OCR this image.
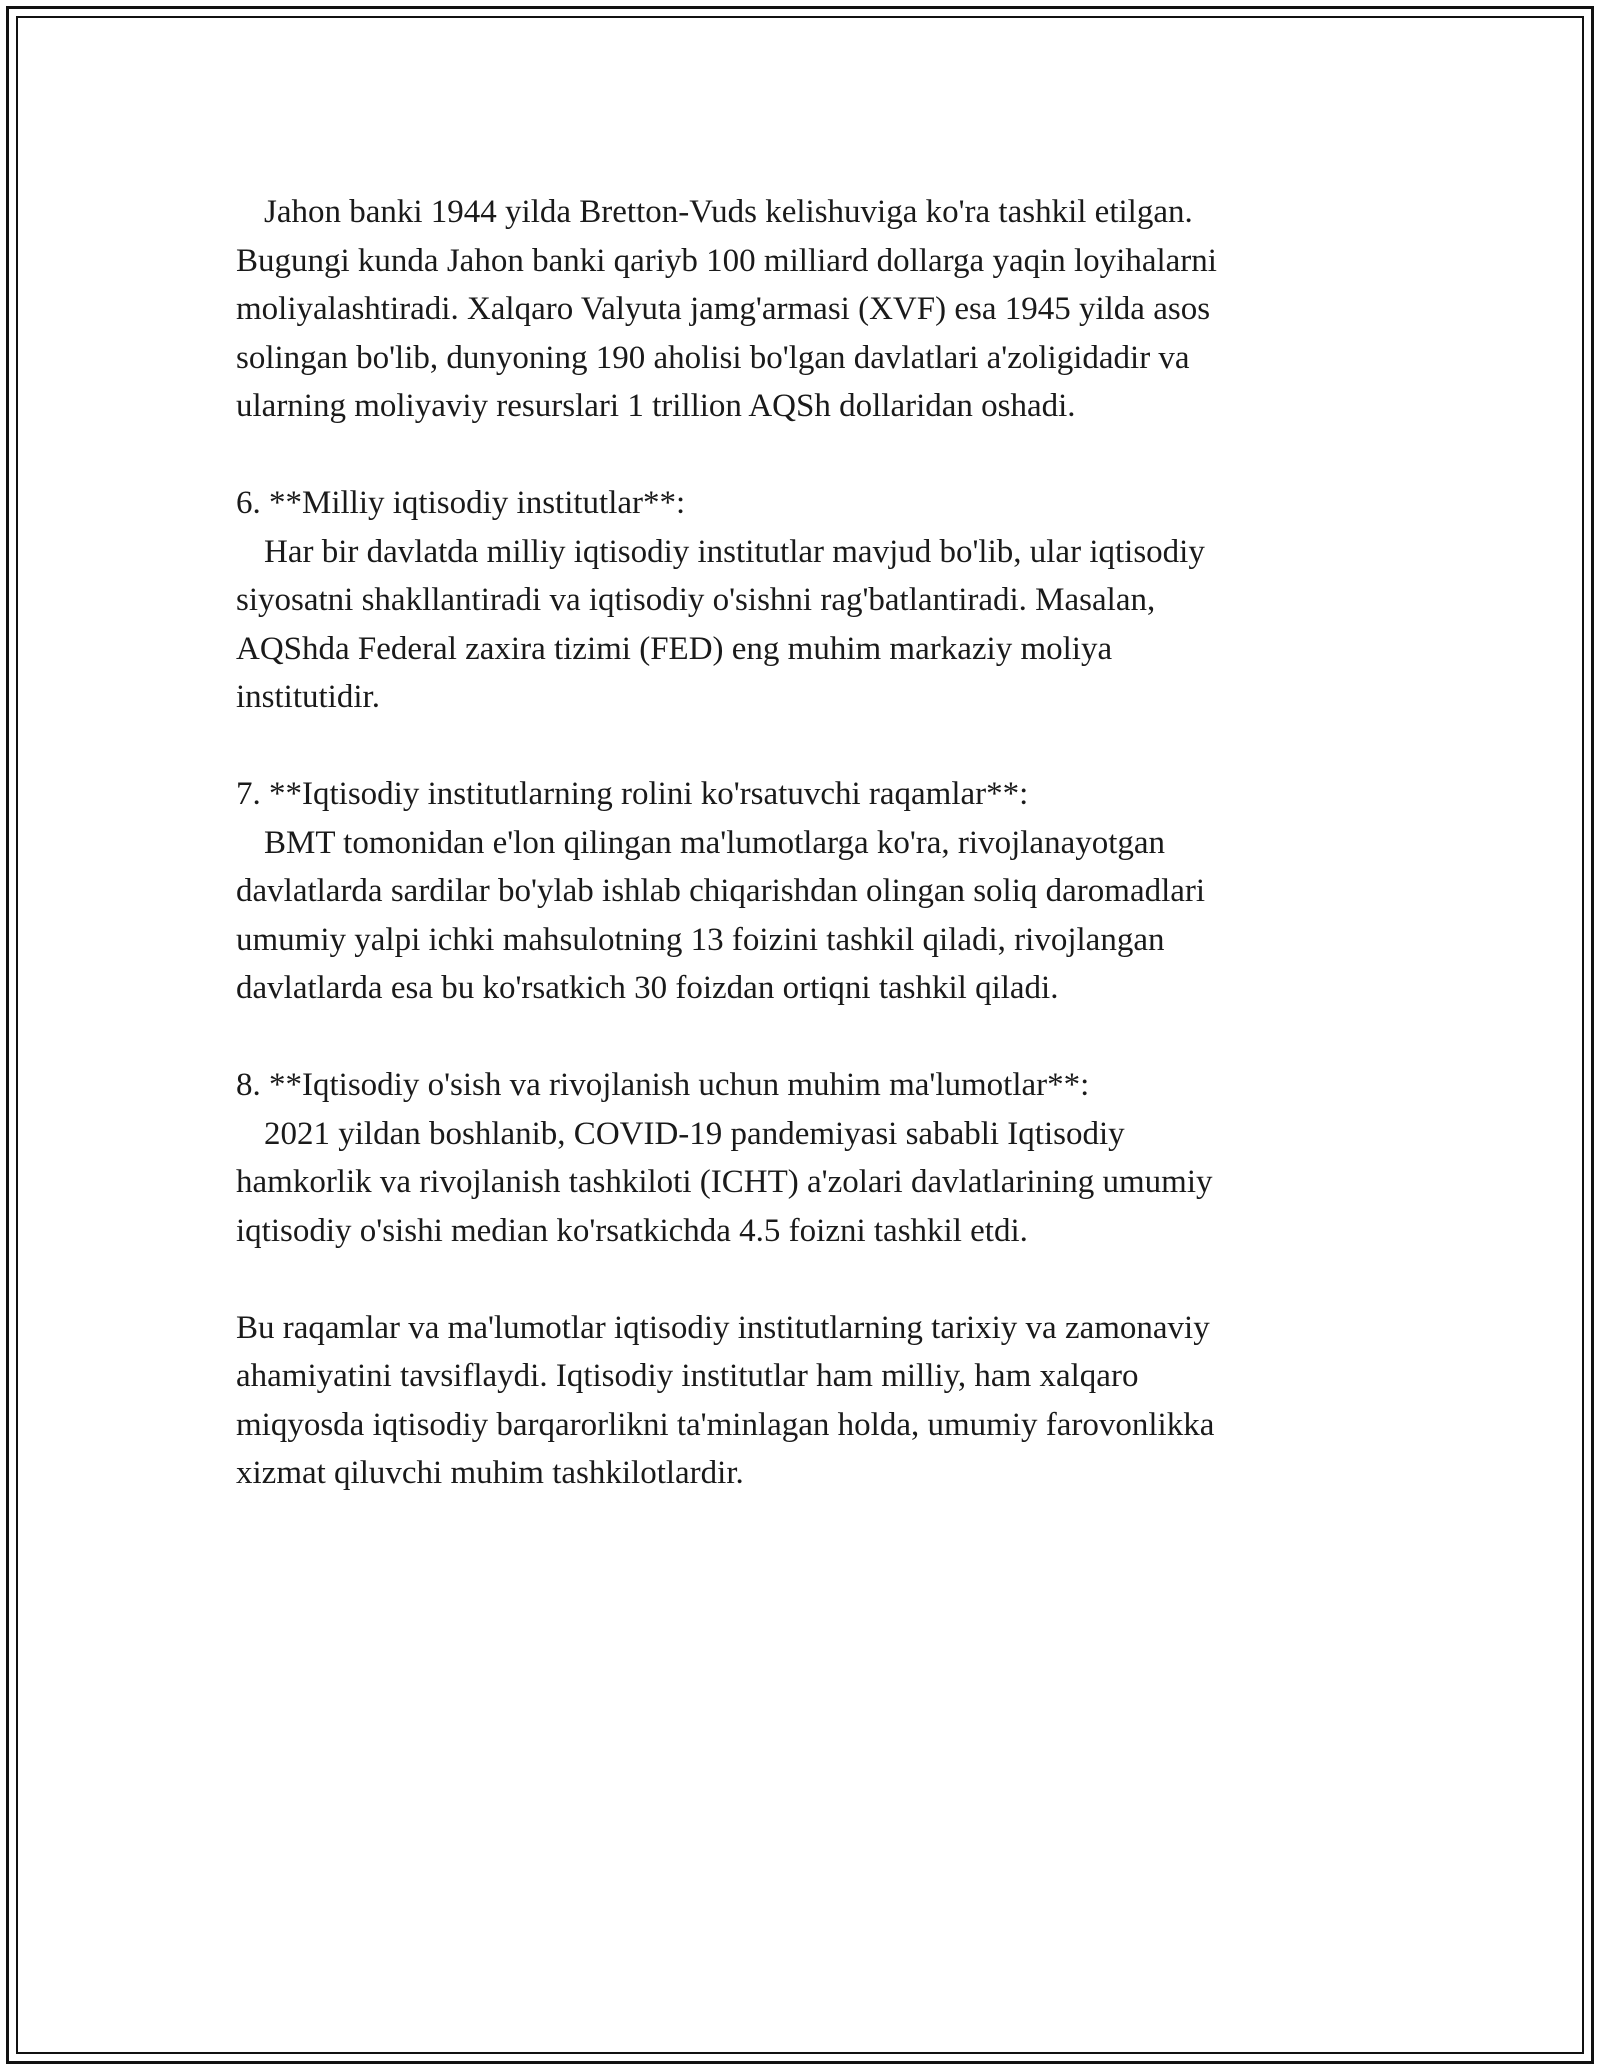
Jahon banki 1944 yilda Bretton-Vuds kelishuviga ko'ra tashkil etilgan.
Bugungi kunda Jahon banki qariyb 100 milliard dollarga yaqin loyihalarni
moliyalashtiradi. Xalqaro Valyuta jamg'armasi (XVF) esa 1945 yilda asos
solingan bo'lib, dunyoning 190 aholisi bo'lgan davlatlari a'zoligidadir va
ularning moliyaviy resurslari 1 trillion AQSh dollaridan oshadi.
6. **Milliy iqtisodiy institutlar**:
Har bir davlatda milliy iqtisodiy institutlar mavjud bo'lib, ular iqtisodiy
siyosatni shakllantiradi va iqtisodiy o'sishni rag'batlantiradi. Masalan,
AQShda Federal zaxira tizimi (FED) eng muhim markaziy moliya
institutidir.
7. **Iqtisodiy institutlarning rolini ko'rsatuvchi raqamlar**:
BMT tomonidan e'lon qilingan ma'lumotlarga ko'ra, rivojlanayotgan
davlatlarda sardilar bo'ylab ishlab chiqarishdan olingan soliq daromadlari
umumiy yalpi ichki mahsulotning 13 foizini tashkil qiladi, rivojlangan
davlatlarda esa bu ko'rsatkich 30 foizdan ortiqni tashkil qiladi.
8. **Iqtisodiy o'sish va rivojlanish uchun muhim ma'lumotlar**:
2021 yildan boshlanib, COVID-19 pandemiyasi sababli Iqtisodiy
hamkorlik va rivojlanish tashkiloti (ICHT) a'zolari davlatlarining umumiy
iqtisodiy o'sishi median ko'rsatkichda 4.5 foizni tashkil etdi.
Bu raqamlar va ma'lumotlar iqtisodiy institutlarning tarixiy va zamonaviy
ahamiyatini tavsiflaydi. Iqtisodiy institutlar ham milliy, ham xalqaro
miqyosda iqtisodiy barqarorlikni ta'minlagan holda, umumiy farovonlikka
xizmat qiluvchi muhim tashkilotlardir.
